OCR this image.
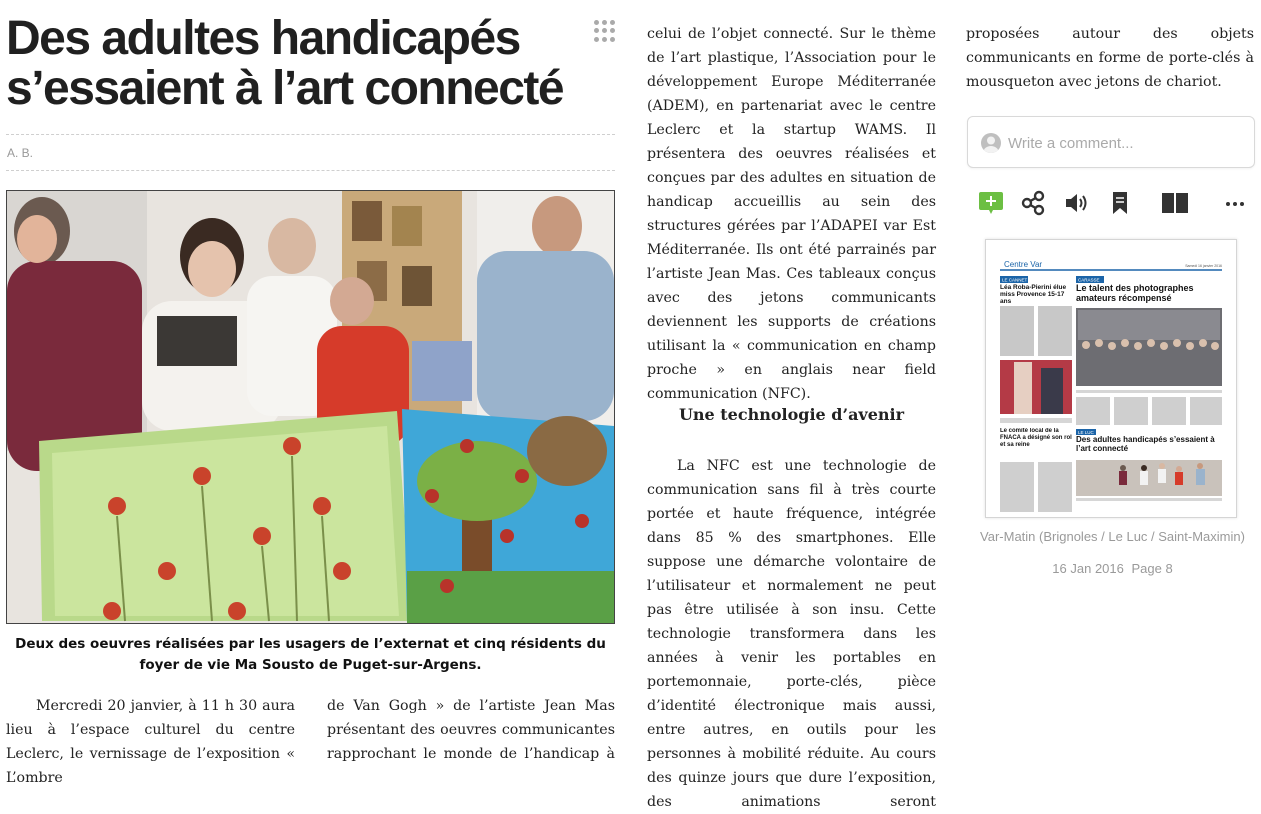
Des adultes handicapés
s’essaient à l’art connecté
A. B.
Deux des oeuvres réalisées par les usagers de l’externat et cinq résidents du foyer de vie Ma Sousto de Puget-sur-Argens.

Mercredi 20 janvier, à 11 h 30 aura lieu à l’espace culturel du centre Leclerc, le vernissage de l’exposition « L’ombre

de Van Gogh » de l’artiste Jean Mas présentant des oeuvres communicantes rapprochant le monde de l’handicap à

celui de l’objet connecté. Sur le thème de l’art plastique, l’Association pour le développement Europe Méditerranée (ADEM), en partenariat avec le centre Leclerc et la startup WAMS. Il présentera des oeuvres réalisées et conçues par des adultes en situation de handicap accueillis au sein des structures gérées par l’ADAPEI var Est Méditerranée. Ils ont été parrainés par l’artiste Jean Mas. Ces tableaux conçus avec des jetons communicants deviennent les supports de créations utilisant la « communication en champ proche » en anglais near field communication (NFC).

Une technologie d’avenir

La NFC est une technologie de communication sans fil à très courte portée et haute fréquence, intégrée dans 85 % des smartphones. Elle suppose une démarche volontaire de l’utilisateur et normalement ne peut pas être utilisée à son insu. Cette technologie transformera dans les années à venir les portables en portemonnaie, porte-clés, pièce d’identité électronique mais aussi, entre autres, en outils pour les personnes à mobilité réduite. Au cours des quinze jours que dure l’exposition, des animations seront

proposées autour des objets communicants en forme de porte-clés à mousqueton avec jetons de chariot.

Write a comment...
Centre Var	Samedi 16 janvier 2016
LE CANNET
Léa Roba-Pierini élue miss Provence 15-17 ans
CARASSE
Le talent des photographes amateurs récompensé
Le comité local de la FNACA a désigné son rol et sa reine
LE LUC
Des adultes handicapés s’essaient à l’art connecté
Var-Matin (Brignoles / Le Luc / Saint-Maximin)
16 Jan 2016 Page 8
